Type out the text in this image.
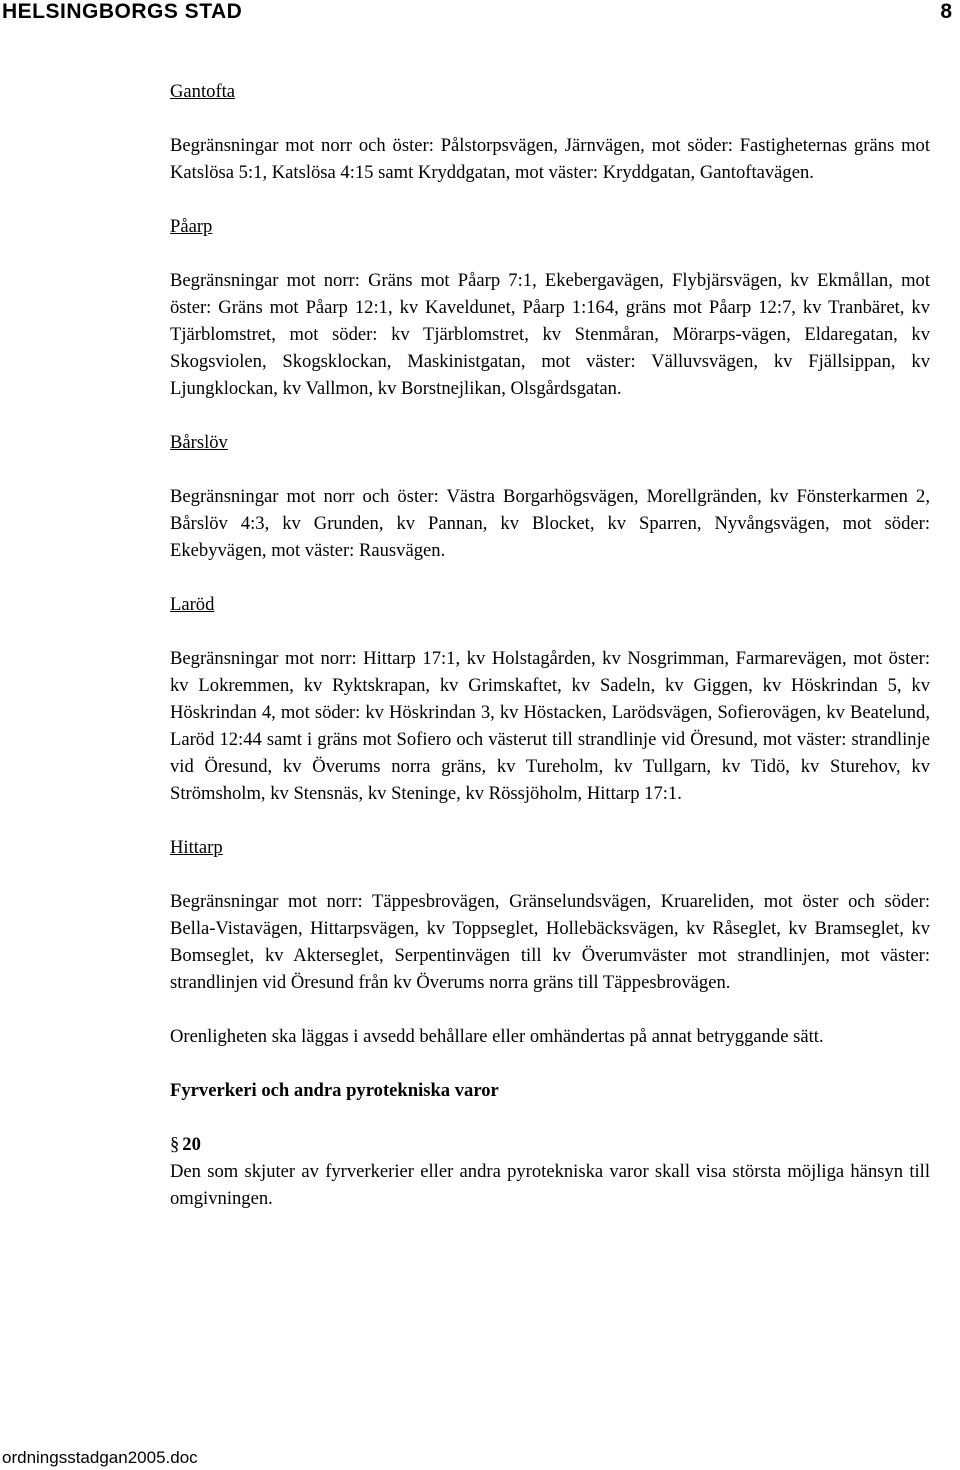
HELSINGBORGS STAD	8
Gantofta
Begränsningar mot norr och öster: Pålstorpsvägen, Järnvägen, mot söder: Fastigheternas gräns mot Katslösa 5:1, Katslösa 4:15 samt Kryddgatan, mot väster: Kryddgatan, Gantoftavägen.
Påarp
Begränsningar mot norr: Gräns mot Påarp 7:1, Ekebergavägen, Flybjärsvägen, kv Ekmållan, mot öster: Gräns mot Påarp 12:1, kv Kaveldunet, Påarp 1:164, gräns mot Påarp 12:7, kv Tranbäret, kv Tjärblomstret, mot söder: kv Tjärblomstret, kv Stenmåran, Mörarps-vägen, Eldaregatan, kv Skogsviolen, Skogsklockan, Maskinistgatan, mot väster: Välluvsvägen, kv Fjällsippan, kv Ljungklockan, kv Vallmon, kv Borstnejlikan, Olsgårdsgatan.
Bårslöv
Begränsningar mot norr och öster: Västra Borgarhögsvägen, Morellgränden, kv Fönsterkarmen 2, Bårslöv 4:3, kv Grunden, kv Pannan, kv Blocket, kv Sparren, Nyvångsvägen, mot söder: Ekebyvägen, mot väster: Rausvägen.
Laröd
Begränsningar mot norr: Hittarp 17:1, kv Holstagården, kv Nosgrimman, Farmarevägen, mot öster: kv Lokremmen, kv Ryktskrapan, kv Grimskaftet, kv Sadeln, kv Giggen, kv Höskrindan 5, kv Höskrindan 4, mot söder: kv Höskrindan 3, kv Höstacken, Larödsvägen, Sofierovägen, kv Beatelund, Laröd 12:44 samt i gräns mot Sofiero och västerut till strandlinje vid Öresund, mot väster: strandlinje vid Öresund, kv Överums norra gräns, kv Tureholm, kv Tullgarn, kv Tidö, kv Sturehov, kv Strömsholm, kv Stensnäs, kv Steninge, kv Rössjöholm, Hittarp 17:1.
Hittarp
Begränsningar mot norr: Täppesbrovägen, Gränselundsvägen, Kruareliden, mot öster och söder: Bella-Vistavägen, Hittarpsvägen, kv Toppseglet, Hollebäcksvägen, kv Råseglet, kv Bramseglet, kv Bomseglet, kv Akterseglet, Serpentinvägen till kv Överumväster mot strandlinjen, mot väster: strandlinjen vid Öresund från kv Överums norra gräns till Täppesbrovägen.
Orenligheten ska läggas i avsedd behållare eller omhändertas på annat betryggande sätt.
Fyrverkeri och andra pyrotekniska varor
§ 20
Den som skjuter av fyrverkerier eller andra pyrotekniska varor skall visa största möjliga hänsyn till omgivningen.
ordningsstadgan2005.doc
